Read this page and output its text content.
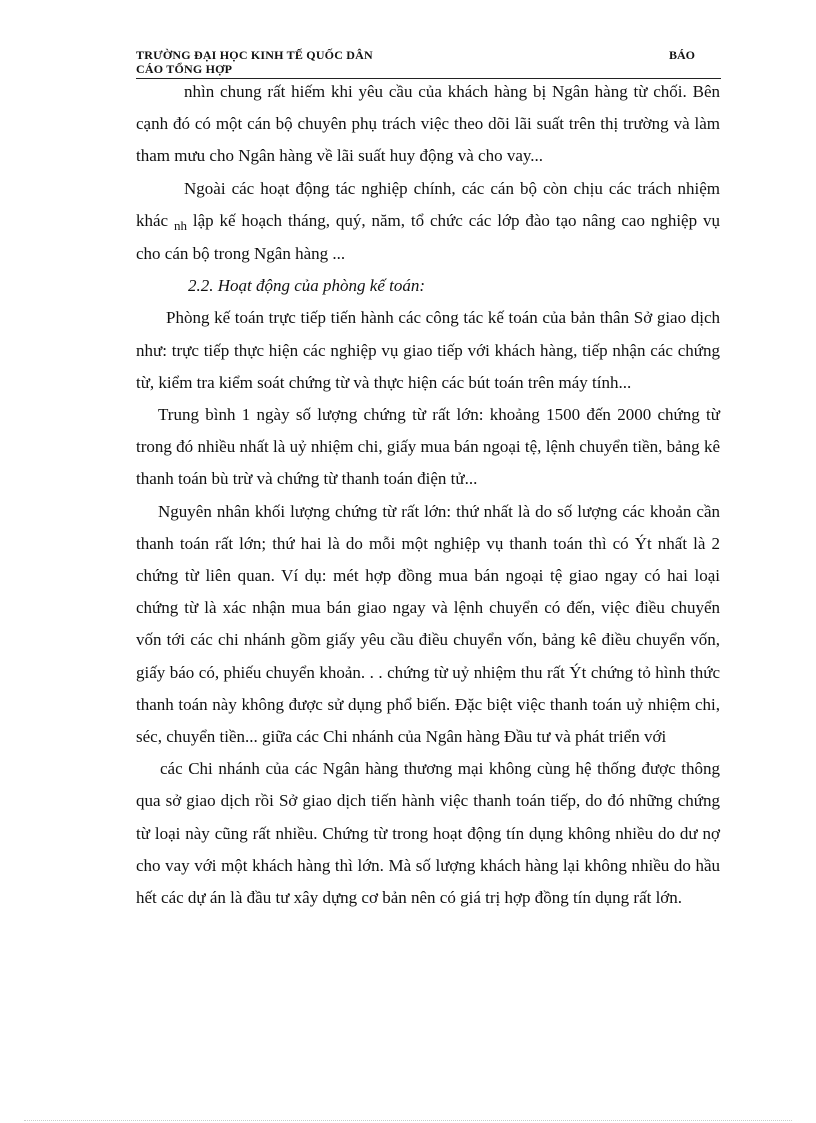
TRƯỜNG ĐẠI HỌC KINH TẾ QUỐC DÂN	BÁO
CÁO TỔNG HỢP

nhìn chung rất hiếm khi yêu cầu của khách hàng bị Ngân hàng từ chối. Bên cạnh đó có một cán bộ chuyên phụ trách việc theo dõi lãi suất trên thị trường và làm tham mưu cho Ngân hàng về lãi suất huy động và cho vay...

Ngoài các hoạt động tác nghiệp chính, các cán bộ còn chịu các trách nhiệm khác $_{nh}$ lập kế hoạch tháng, quý, năm, tổ chức các lớp đào tạo nâng cao nghiệp vụ cho cán bộ trong Ngân hàng ...

2.2. Hoạt động của phòng kế toán:

Phòng kế toán trực tiếp tiến hành các công tác kế toán của bản thân Sở giao dịch như: trực tiếp thực hiện các nghiệp vụ giao tiếp với khách hàng, tiếp nhận các chứng từ, kiểm tra kiểm soát chứng từ và thực hiện các bút toán trên máy tính...

Trung bình 1 ngày số lượng chứng từ rất lớn: khoảng 1500 đến 2000 chứng từ trong đó nhiều nhất là uỷ nhiệm chi, giấy mua bán ngoại tệ, lệnh chuyển tiền, bảng kê thanh toán bù trừ và chứng từ thanh toán điện tử...

Nguyên nhân khối lượng chứng từ rất lớn: thứ nhất là do số lượng các khoản cần thanh toán rất lớn; thứ hai là do mỗi một nghiệp vụ thanh toán thì có Ýt nhất là 2 chứng từ liên quan. Ví dụ: mét hợp đồng mua bán ngoại tệ giao ngay có hai loại chứng từ là xác nhận mua bán giao ngay và lệnh chuyển có đến, việc điều chuyển vốn tới các chi nhánh gồm giấy yêu cầu điều chuyển vốn, bảng kê điều chuyển vốn, giấy báo có, phiếu chuyển khoản. . . chứng từ uỷ nhiệm thu rất Ýt chứng tỏ hình thức thanh toán này không được sử dụng phổ biến. Đặc biệt việc thanh toán uỷ nhiệm chi, séc, chuyển tiền... giữa các Chi nhánh của Ngân hàng Đầu tư và phát triển với

các Chi nhánh của các Ngân hàng thương mại không cùng hệ thống được thông qua sở giao dịch rồi Sở giao dịch tiến hành việc thanh toán tiếp, do đó những chứng từ loại này cũng rất nhiều. Chứng từ trong hoạt động tín dụng không nhiều do dư nợ cho vay với một khách hàng thì lớn. Mà số lượng khách hàng lại không nhiều do hầu hết các dự án là đầu tư xây dựng cơ bản nên có giá trị hợp đồng tín dụng rất lớn.
